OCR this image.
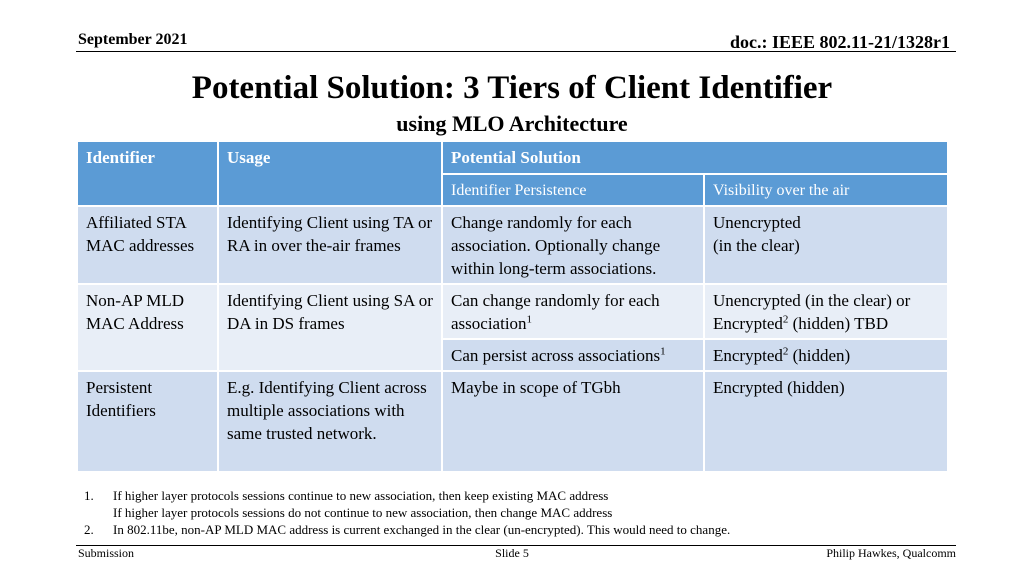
September 2021	doc.: IEEE 802.11-21/1328r1
Potential Solution: 3 Tiers of Client Identifier
using MLO Architecture
Identifier	Usage	Potential Solution	
		Identifier Persistence	Visibility over the air
Affiliated STA MAC addresses	Identifying Client using TA or RA in over the-air frames	Change randomly for each association. Optionally change within long-term associations.	Unencrypted
(in the clear)

Non-AP MLD MAC Address	Identifying Client using SA or DA in DS frames	Can change randomly for each association$^1$	Unencrypted (in the clear) or Encrypted$^2$ (hidden) TBD
		Can persist across associations$^1$	Encrypted$^2$ (hidden)
Persistent Identifiers	E.g. Identifying Client across multiple associations with same trusted network.	Maybe in scope of TGbh	Encrypted (hidden)
1.	If higher layer protocols sessions continue to new association, then keep existing MAC address
If higher layer protocols sessions do not continue to new association, then change MAC address
2.	In 802.11be, non-AP MLD MAC address is current exchanged in the clear (un-encrypted). This would need to change.
Submission	Slide 5	Philip Hawkes, Qualcomm
